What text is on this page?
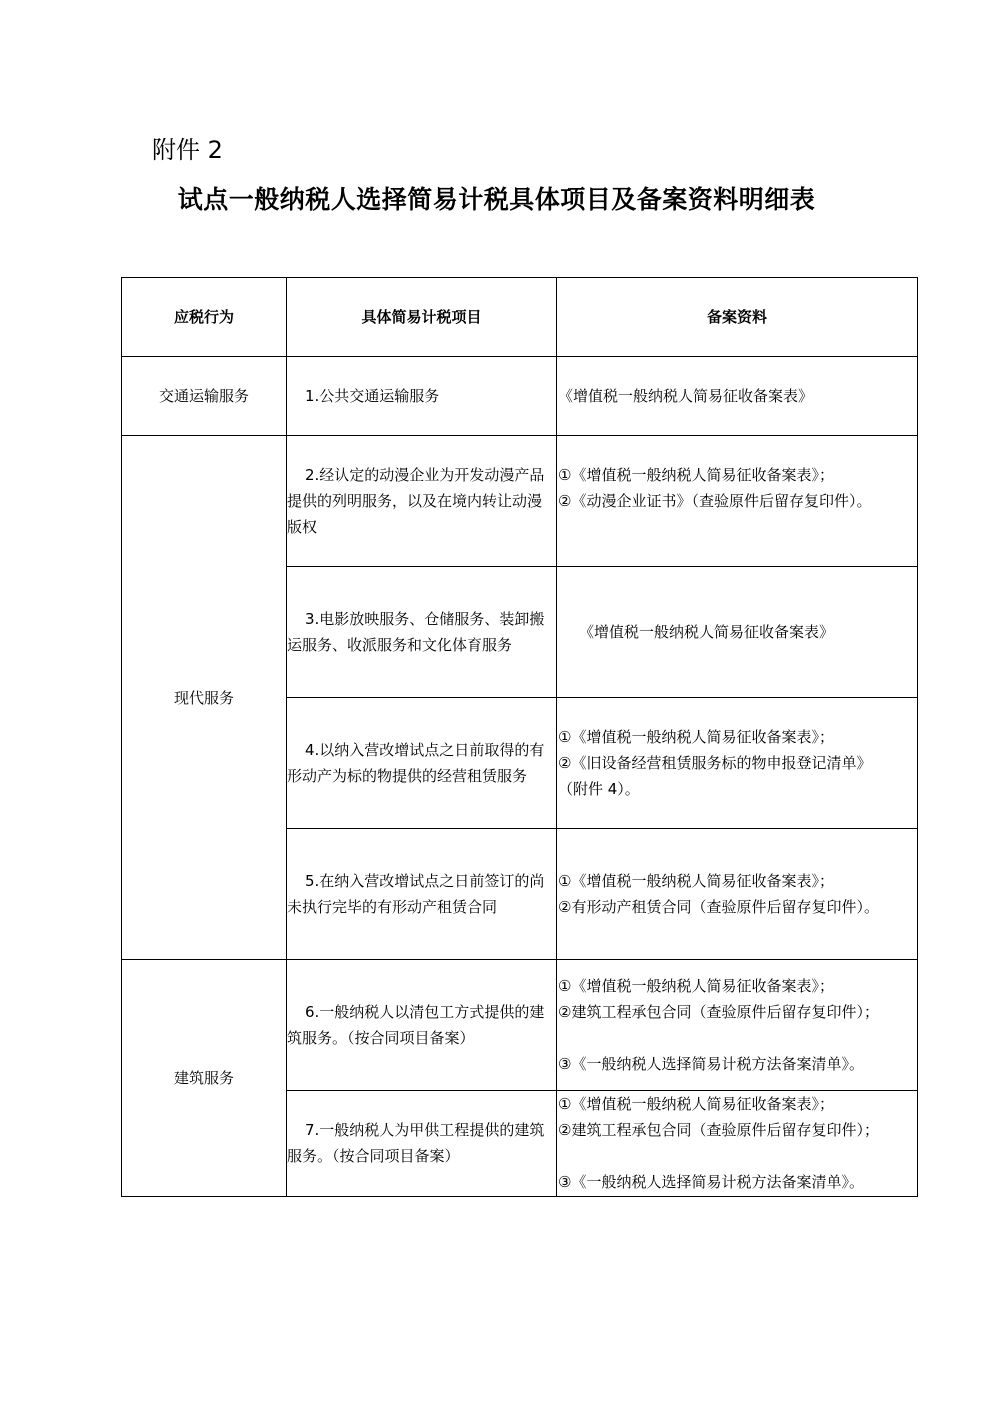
附件 2
试点一般纳税人选择简易计税具体项目及备案资料明细表
应税行为	具体简易计税项目	备案资料
交通运输服务	1.公共交通运输服务	《增值税一般纳税人简易征收备案表》

现代服务	2.经认定的动漫企业为开发动漫产品提供的列明服务，以及在境内转让动漫版权	①《增值税一般纳税人简易征收备案表》；
②《动漫企业证书》（查验原件后留存复印件）。

	3.电影放映服务、仓储服务、装卸搬运服务、收派服务和文化体育服务	《增值税一般纳税人简易征收备案表》

	4.以纳入营改增试点之日前取得的有形动产为标的物提供的经营租赁服务	①《增值税一般纳税人简易征收备案表》；
②《旧设备经营租赁服务标的物申报登记清单》
（附件 4）。

	5.在纳入营改增试点之日前签订的尚未执行完毕的有形动产租赁合同	①《增值税一般纳税人简易征收备案表》；
②有形动产租赁合同（查验原件后留存复印件）。

建筑服务	6.一般纳税人以清包工方式提供的建筑服务。（按合同项目备案）	①《增值税一般纳税人简易征收备案表》；
②建筑工程承包合同（查验原件后留存复印件）；
③《一般纳税人选择简易计税方法备案清单》。

	7.一般纳税人为甲供工程提供的建筑服务。（按合同项目备案）	①《增值税一般纳税人简易征收备案表》；
②建筑工程承包合同（查验原件后留存复印件）；
③《一般纳税人选择简易计税方法备案清单》。
